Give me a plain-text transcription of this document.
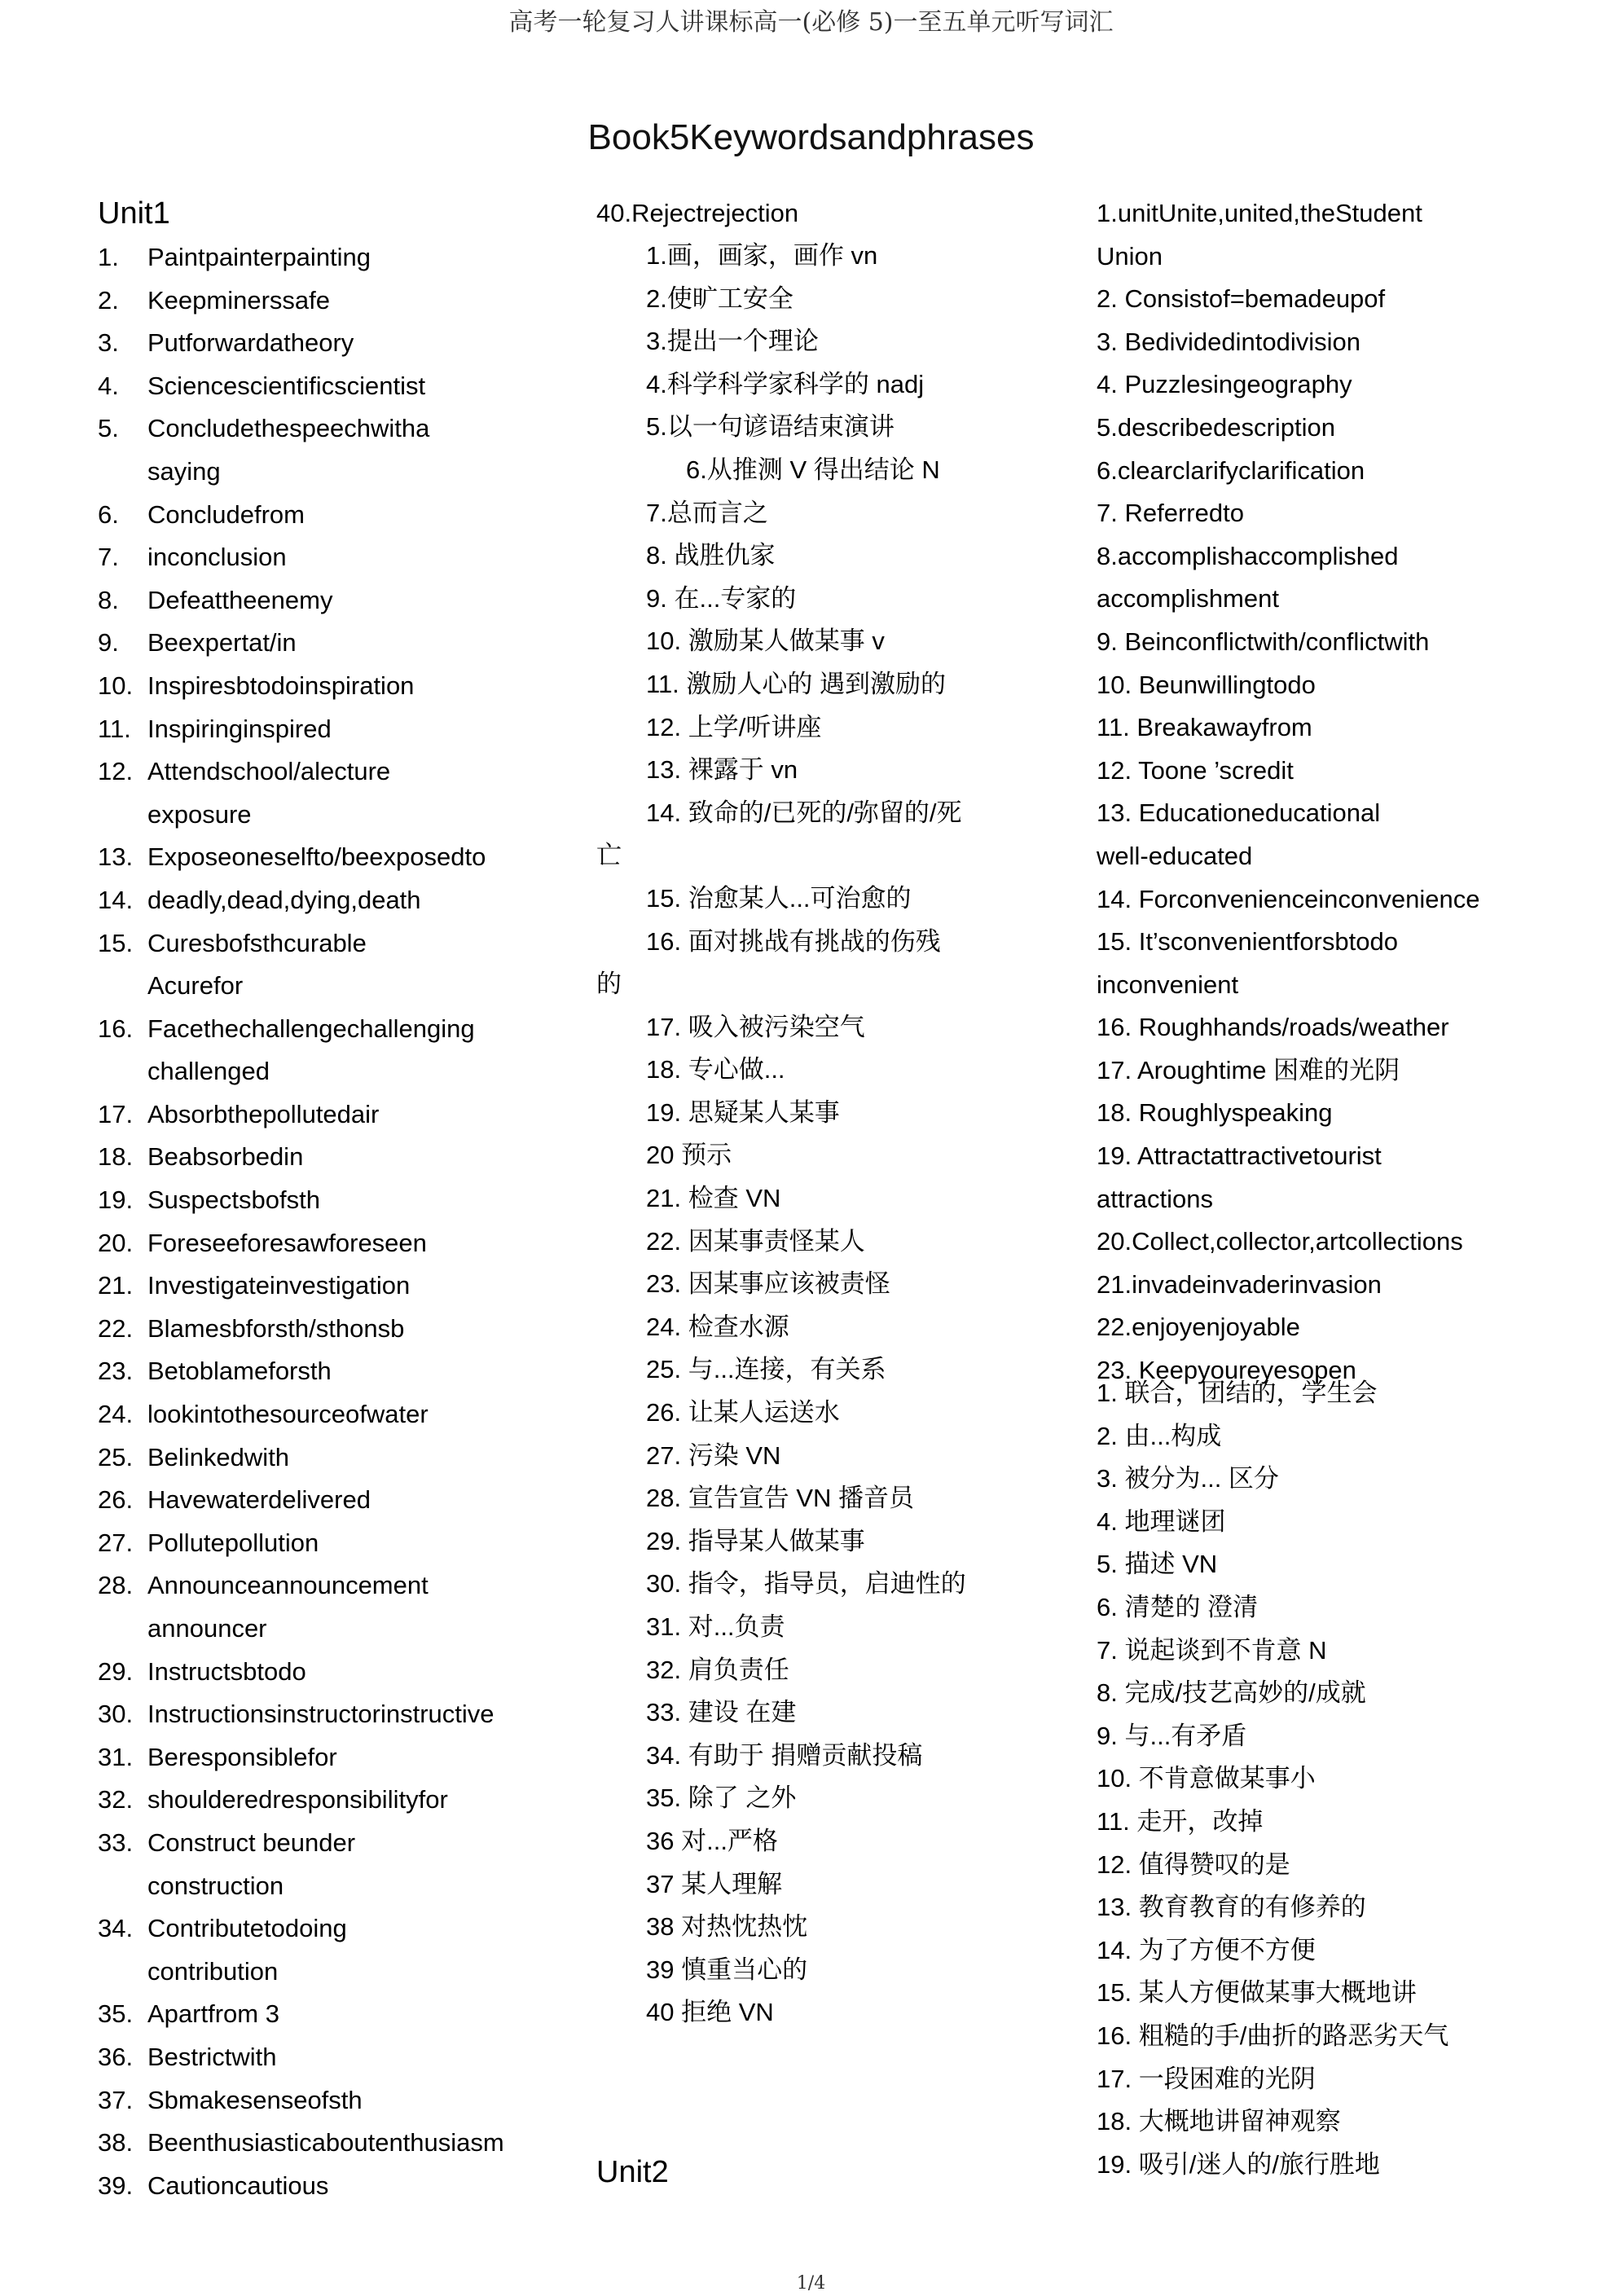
高考一轮复习人讲课标高一(必修 5)一至五单元听写词汇
Book5Keywordsandphrases
Unit1
1. Paintpainterpainting
2. Keepminerssafe
3. Putforwardatheory
4. Sciencescientificscientist
5. Concludethespeechwitha
saying
6. Concludefrom
7. inconclusion
8. Defeattheenemy
9. Beexpertat/in
10. Inspiresbtodoinspiration
11. Inspiringinspired
12. Attendschool/alecture
exposure
13. Exposeoneselfto/beexposedto
14. deadly,dead,dying,death
15. Curesbofsthcurable
Acurefor
16. Facethechallengechallenging
challenged
17. Absorbthepollutedair
18. Beabsorbedin
19. Suspectsbofsth
20. Foreseeforesawforeseen
21. Investigateinvestigation
22. Blamesbforsth/sthonsb
23. Betoblameforsth
24. lookintothesourceofwater
25. Belinkedwith
26. Havewaterdelivered
27. Pollutepollution
28. Announceannouncement
announcer
29. Instructsbtodo
30. Instructionsinstructorinstructive
31. Beresponsiblefor
32. shoulderedresponsibilityfor
33. Construct beunder
construction
34. Contributetodoing
contribution
35. Apartfrom 3
36. Bestrictwith
37. Sbmakesenseofsth
38. Beenthusiasticaboutenthusiasm
39. Cautioncautious
40.Rejectrejection
1.画，画家，画作 vn
2.使旷工安全
3.提出一个理论
4.科学科学家科学的 nadj
5.以一句谚语结束演讲
6.从推测 V 得出结论 N
7.总而言之
8. 战胜仇家
9. 在...专家的
10. 激励某人做某事 v
11. 激励人心的 遇到激励的
12. 上学/听讲座
13. 裸露于 vn
14. 致命的/已死的/弥留的/死
亡
15. 治愈某人...可治愈的
16. 面对挑战有挑战的伤残
的
17. 吸入被污染空气
18. 专心做...
19. 思疑某人某事
20 预示
21. 检查 VN
22. 因某事责怪某人
23. 因某事应该被责怪
24. 检查水源
25. 与...连接，有关系
26. 让某人运送水
27. 污染 VN
28. 宣告宣告 VN 播音员
29. 指导某人做某事
30. 指令，指导员，启迪性的
31. 对...负责
32. 肩负责任
33. 建设 在建
34. 有助于 捐赠贡献投稿
35. 除了 之外
36 对...严格
37 某人理解
38 对热忱热忱
39 慎重当心的
40 拒绝 VN
Unit2
1.unitUnite,united,theStudent
Union
2. Consistof=bemadeupof
3. Bedividedintodivision
4. Puzzlesingeography
5.describedescription
6.clearclarifyclarification
7. Referredto
8.accomplishaccomplished
accomplishment
9. Beinconflictwith/conflictwith
10. Beunwillingtodo
11. Breakawayfrom
12. Toone ’scredit
13. Educationeducational
well-educated
14. Forconvenienceinconvenience
15. It’sconvenientforsbtodo
inconvenient
16. Roughhands/roads/weather
17. Aroughtime 困难的光阴
18. Roughlyspeaking
19. Attractattractivetourist
attractions
20.Collect,collector,artcollections
21.invadeinvaderinvasion
22.enjoyenjoyable
23. Keepyoureyesopen
1. 联合，团结的，学生会
2. 由...构成
3. 被分为... 区分
4. 地理谜团
5. 描述 VN
6. 清楚的 澄清
7. 说起谈到不肯意 N
8. 完成/技艺高妙的/成就
9. 与...有矛盾
10. 不肯意做某事小
11. 走开，改掉
12. 值得赞叹的是
13. 教育教育的有修养的
14. 为了方便不方便
15. 某人方便做某事大概地讲
16. 粗糙的手/曲折的路恶劣天气
17. 一段困难的光阴
18. 大概地讲留神观察
19. 吸引/迷人的/旅行胜地
1/4
